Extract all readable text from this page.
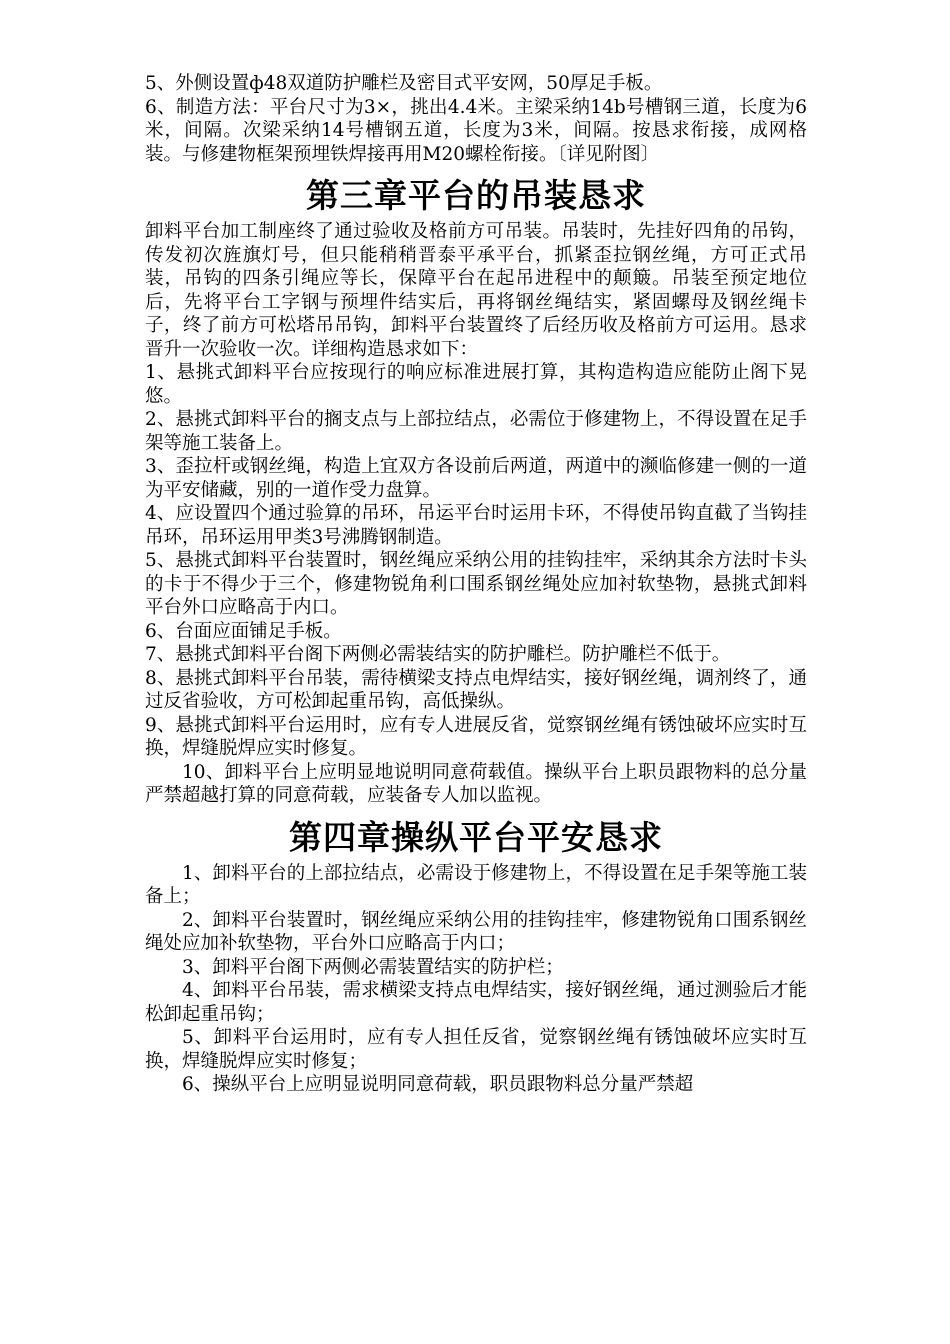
5、外侧设置ф48双道防护雕栏及密目式平安网，50厚足手板。

6、制造方法：平台尺寸为3×，挑出4.4米。主梁采纳14b号槽钢三道，长度为6米，间隔。次梁采纳14号槽钢五道，长度为3米，间隔。按恳求衔接，成网格装。与修建物框架预埋铁焊接再用M20螺栓衔接。〔详见附图〕

第三章平台的吊装恳求

卸料平台加工制座终了通过验收及格前方可吊装。吊装时，先挂好四角的吊钩，传发初次旌旗灯号，但只能稍稍晋泰平承平台，抓紧歪拉钢丝绳，方可正式吊装，吊钩的四条引绳应等长，保障平台在起吊进程中的颠簸。吊装至预定地位后，先将平台工字钢与预埋件结实后，再将钢丝绳结实，紧固螺母及钢丝绳卡子，终了前方可松塔吊吊钩，卸料平台装置终了后经历收及格前方可运用。恳求晋升一次验收一次。详细构造恳求如下：

1、悬挑式卸料平台应按现行的响应标准进展打算，其构造构造应能防止阁下晃悠。

2、悬挑式卸料平台的搁支点与上部拉结点，必需位于修建物上，不得设置在足手架等施工装备上。

3、歪拉杆或钢丝绳，构造上宜双方各设前后两道，两道中的濒临修建一侧的一道为平安储藏，别的一道作受力盘算。

4、应设置四个通过验算的吊环，吊运平台时运用卡环，不得使吊钩直截了当钩挂吊环，吊环运用甲类3号沸腾钢制造。

5、悬挑式卸料平台装置时，钢丝绳应采纳公用的挂钩挂牢，采纳其余方法时卡头的卡于不得少于三个，修建物锐角利口围系钢丝绳处应加衬软垫物，悬挑式卸料平台外口应略高于内口。

6、台面应面铺足手板。

7、悬挑式卸料平台阁下两侧必需装结实的防护雕栏。防护雕栏不低于。

8、悬挑式卸料平台吊装，需待横梁支持点电焊结实，接好钢丝绳，调剂终了，通过反省验收，方可松卸起重吊钩，高低操纵。

9、悬挑式卸料平台运用时，应有专人进展反省，觉察钢丝绳有锈蚀破坏应实时互换，焊缝脱焊应实时修复。

10、卸料平台上应明显地说明同意荷载值。操纵平台上职员跟物料的总分量严禁超越打算的同意荷载，应装备专人加以监视。

第四章操纵平台平安恳求

1、卸料平台的上部拉结点，必需设于修建物上，不得设置在足手架等施工装备上；

2、卸料平台装置时，钢丝绳应采纳公用的挂钩挂牢，修建物锐角口围系钢丝绳处应加补软垫物，平台外口应略高于内口；

3、卸料平台阁下两侧必需装置结实的防护栏；

4、卸料平台吊装，需求横梁支持点电焊结实，接好钢丝绳，通过测验后才能松卸起重吊钩；

5、卸料平台运用时，应有专人担任反省，觉察钢丝绳有锈蚀破坏应实时互换，焊缝脱焊应实时修复；

6、操纵平台上应明显说明同意荷载，职员跟物料总分量严禁超
